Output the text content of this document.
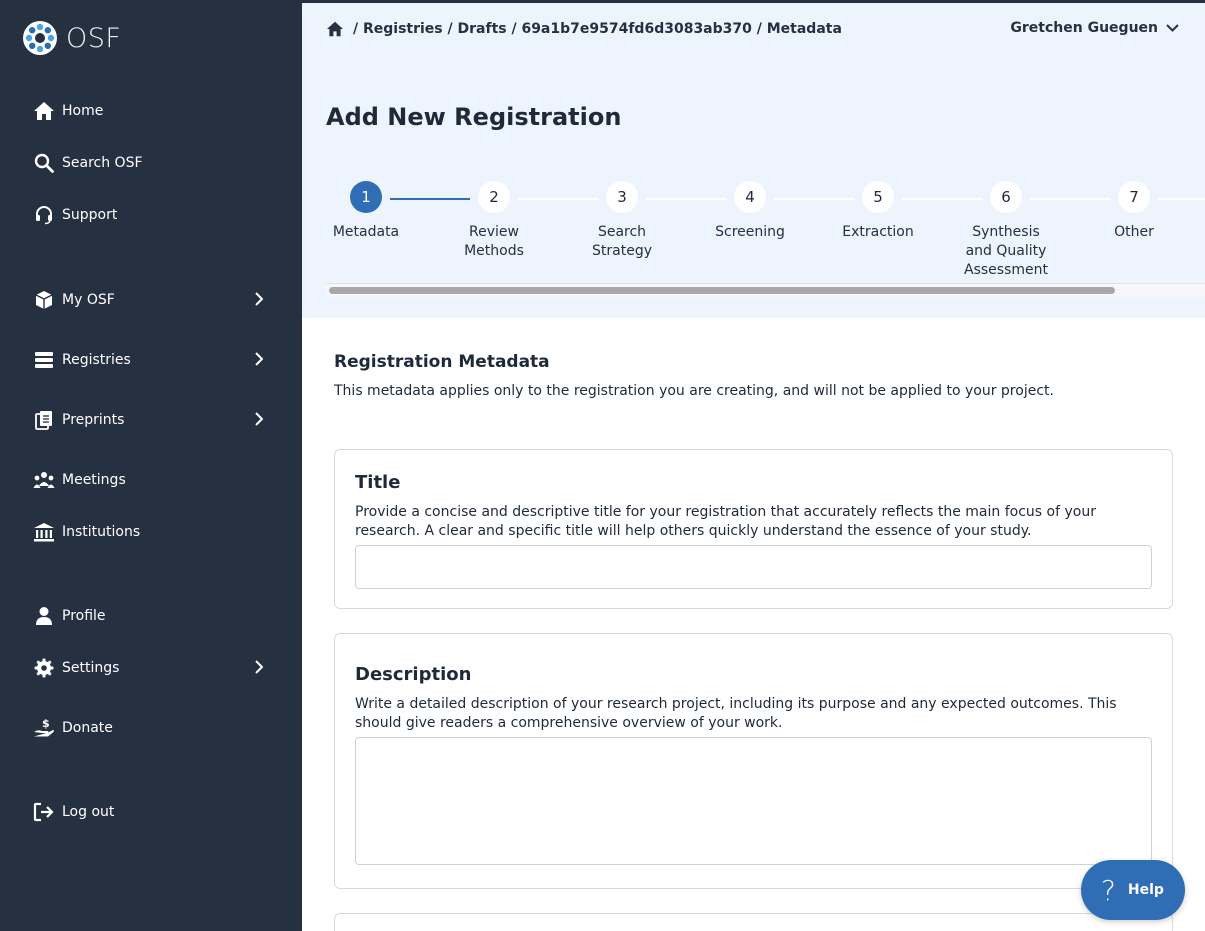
OSF
Home
Search OSF
Support
My OSF
Registries
Preprints
Meetings
Institutions
Profile
Settings
$ Donate
Log out
/ Registries / Drafts / 69a1b7e9574fd6d3083ab370 / Metadata	Gretchen Gueguen
Add New Registration
1
Metadata
2
Review
Methods
3
Search
Strategy
4
Screening
5
Extraction
6
Synthesis
and Quality
Assessment
7
Other
Registration Metadata

This metadata applies only to the registration you are creating, and will not be applied to your project.

Title

Provide a concise and descriptive title for your registration that accurately reflects the main focus of your research. A clear and specific title will help others quickly understand the essence of your study.

Description

Write a detailed description of your research project, including its purpose and any expected outcomes. This should give readers a comprehensive overview of your work.

? Help
